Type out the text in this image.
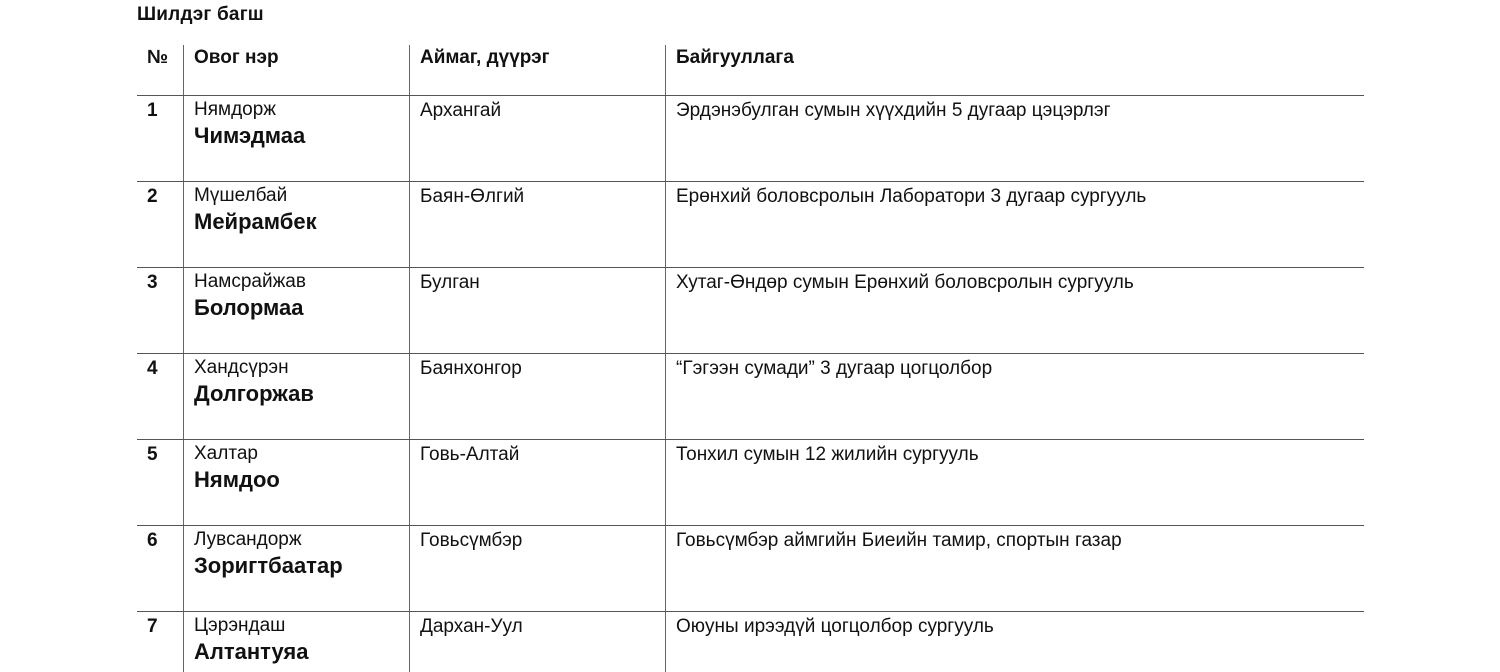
Шилдэг багш
№	Овог нэр	Аймаг, дүүрэг	Байгууллага
1	Нямдорж
Чимэдмаа
Архангай	Эрдэнэбулган сумын хүүхдийн 5 дугаар цэцэрлэг
2	Мүшелбай
Мейрамбек
Баян-Өлгий	Ерөнхий боловсролын Лаборатори 3 дугаар сургууль
3	Намсрайжав
Болормаа
Булган	Хутаг-Өндөр сумын Ерөнхий боловсролын сургууль
4	Хандсүрэн
Долгоржав
Баянхонгор	“Гэгээн сумади” 3 дугаар цогцолбор
5	Халтар
Нямдоо
Говь-Алтай	Тонхил сумын 12 жилийн сургууль
6	Лувсандорж
Зоригтбаатар
Говьсүмбэр	Говьсүмбэр аймгийн Биеийн тамир, спортын газар
7	Цэрэндаш
Алтантуяа
Дархан-Уул	Оюуны ирээдүй цогцолбор сургууль
